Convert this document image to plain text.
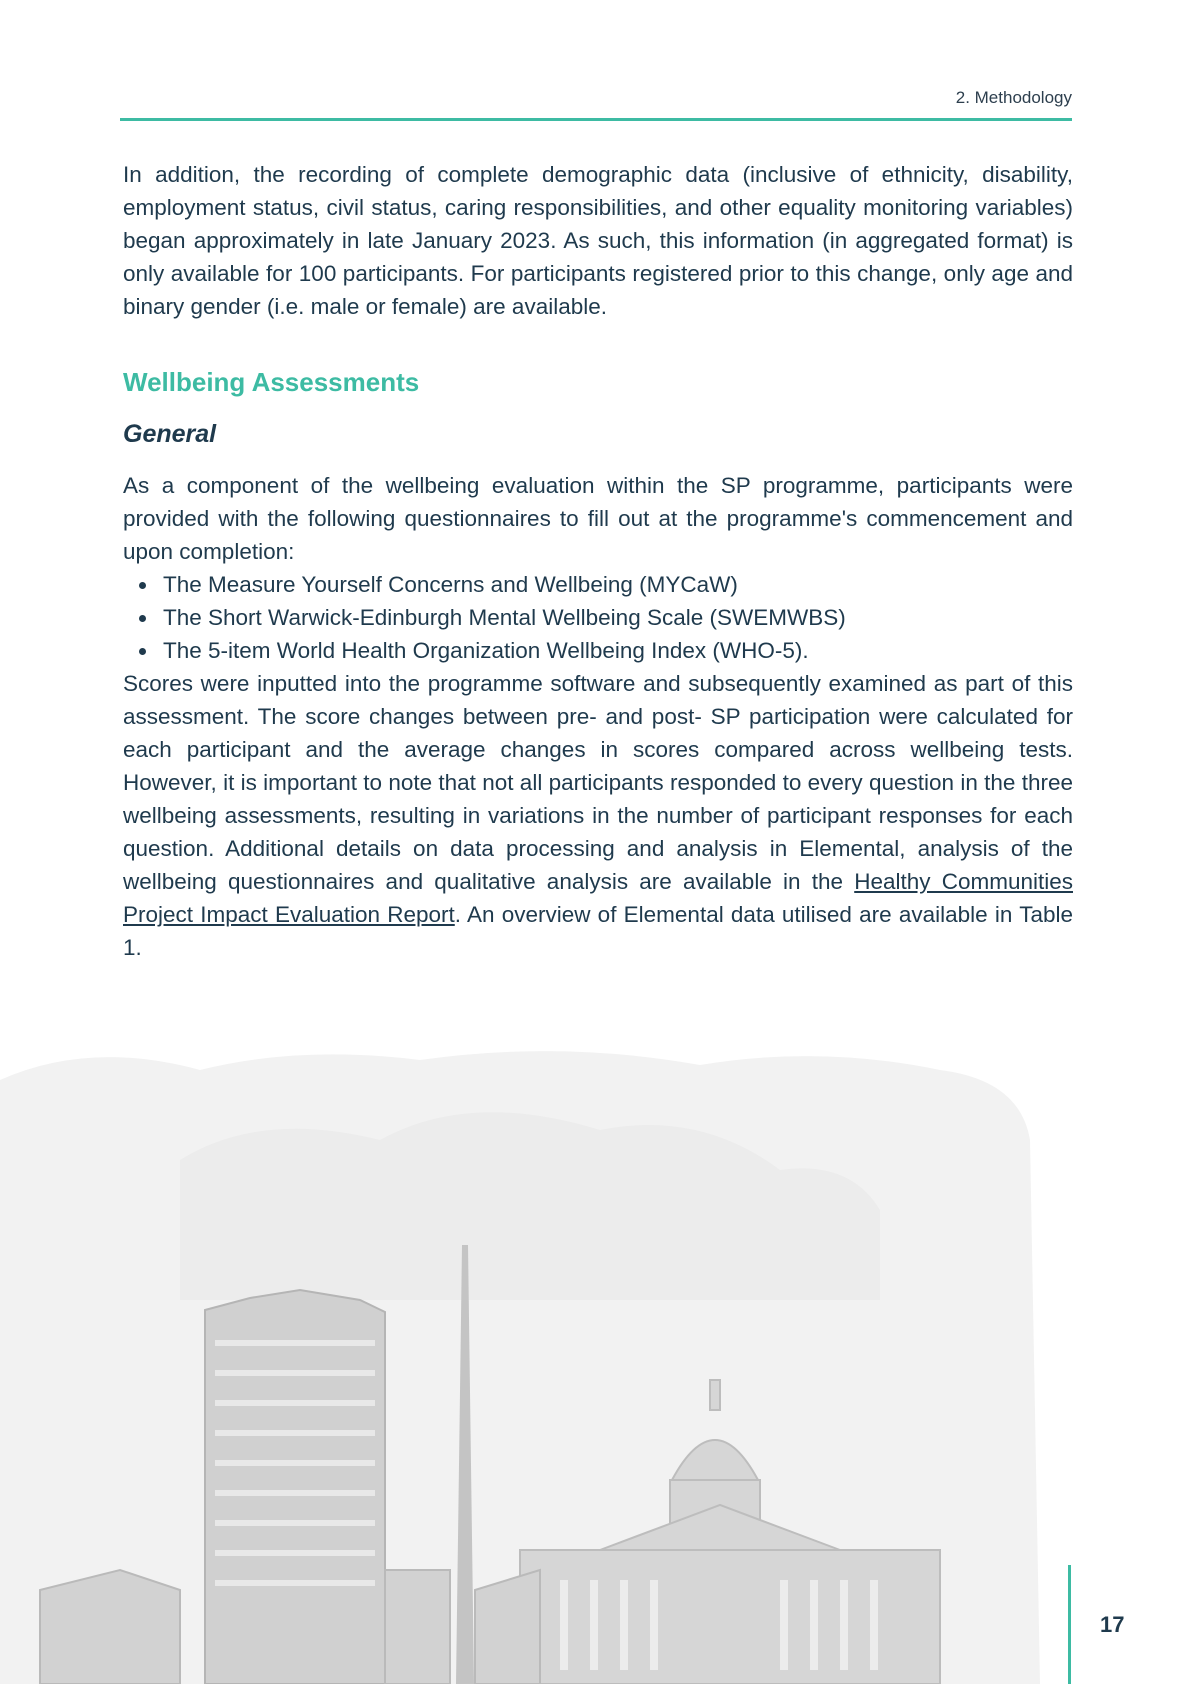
2. Methodology

In addition, the recording of complete demographic data (inclusive of ethnicity, disability, employment status, civil status, caring responsibilities, and other equality monitoring variables) began approximately in late January 2023. As such, this information (in aggregated format) is only available for 100 participants. For participants registered prior to this change, only age and binary gender (i.e. male or female) are available.

Wellbeing Assessments
General

As a component of the wellbeing evaluation within the SP programme, participants were provided with the following questionnaires to fill out at the programme's commencement and upon completion:

The Measure Yourself Concerns and Wellbeing (MYCaW)
The Short Warwick-Edinburgh Mental Wellbeing Scale (SWEMWBS)
The 5-item World Health Organization Wellbeing Index (WHO-5).

Scores were inputted into the programme software and subsequently examined as part of this assessment. The score changes between pre- and post- SP participation were calculated for each participant and the average changes in scores compared across wellbeing tests. However, it is important to note that not all participants responded to every question in the three wellbeing assessments, resulting in variations in the number of participant responses for each question. Additional details on data processing and analysis in Elemental, analysis of the wellbeing questionnaires and qualitative analysis are available in the Healthy Communities Project Impact Evaluation Report. An overview of Elemental data utilised are available in Table 1.

17
